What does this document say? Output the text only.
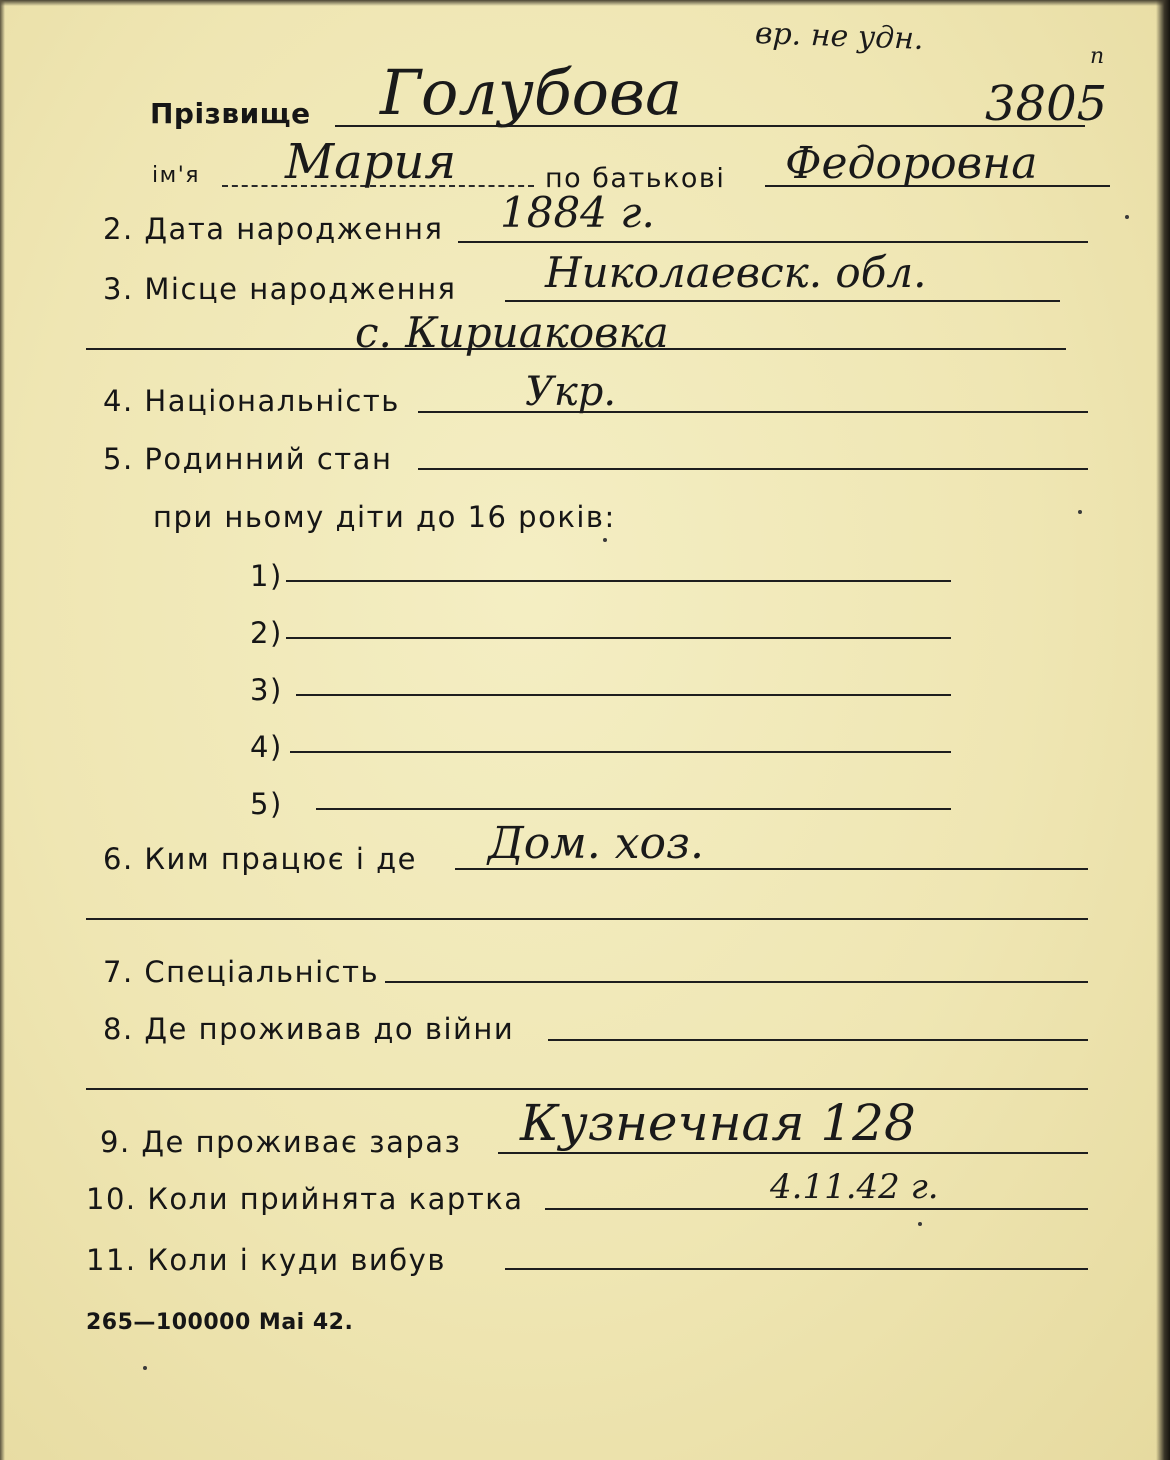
вр. не удн.	п
3805
Прізвище Голубова
ім'я Мария	по батькові Федоровна
2. Дата народження 1884 г.
3. Місце народження Николаевск. обл.
с. Кириаковка
4. Національність	Укр.
5. Родинний стан
при ньому діти до 16 років:
1)
2)
3)
4)
5)
6. Ким працює і де Дом. хоз.
7. Спеціальність
8. Де проживав до війни
9. Де проживає зараз Кузнечная 128
10. Коли прийнята картка	4.11.42 г.
11. Коли і куди вибув
265—100000 Mai 42.
